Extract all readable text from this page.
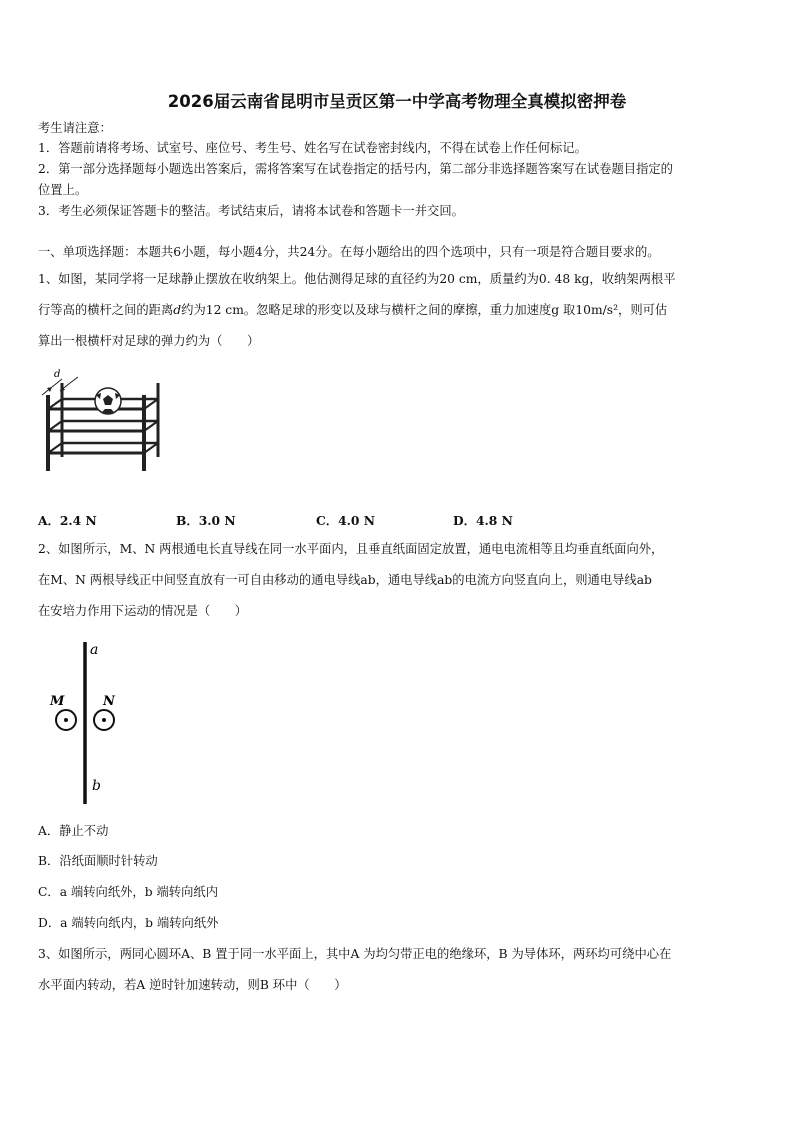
2026届云南省昆明市呈贡区第一中学高考物理全真模拟密押卷
考生请注意：
1．答题前请将考场、试室号、座位号、考生号、姓名写在试卷密封线内，不得在试卷上作任何标记。
2．第一部分选择题每小题选出答案后，需将答案写在试卷指定的括号内，第二部分非选择题答案写在试卷题目指定的
位置上。
3．考生必须保证答题卡的整洁。考试结束后，请将本试卷和答题卡一并交回。
一、单项选择题：本题共6小题，每小题4分，共24分。在每小题给出的四个选项中，只有一项是符合题目要求的。
1、如图，某同学将一足球静止摆放在收纳架上。他估测得足球的直径约为20 cm，质量约为0. 48 kg，收纳架两根平
行等高的横杆之间的距离d约为12 cm。忽略足球的形变以及球与横杆之间的摩擦，重力加速度g 取10m/s²，则可估
算出一根横杆对足球的弹力约为（　　）
d
A．2.4 N	B．3.0 N	C．4.0 N	D．4.8 N
2、如图所示，M、N 两根通电长直导线在同一水平面内，且垂直纸面固定放置，通电电流相等且均垂直纸面向外，
在M、N 两根导线正中间竖直放有一可自由移动的通电导线ab，通电导线ab的电流方向竖直向上，则通电导线ab
在安培力作用下运动的情况是（　　）
a
b
M	N
A．静止不动
B．沿纸面顺时针转动
C．a 端转向纸外，b 端转向纸内
D．a 端转向纸内，b 端转向纸外
3、如图所示，两同心圆环A、B 置于同一水平面上，其中A 为均匀带正电的绝缘环，B 为导体环，两环均可绕中心在
水平面内转动，若A 逆时针加速转动，则B 环中（　　）
